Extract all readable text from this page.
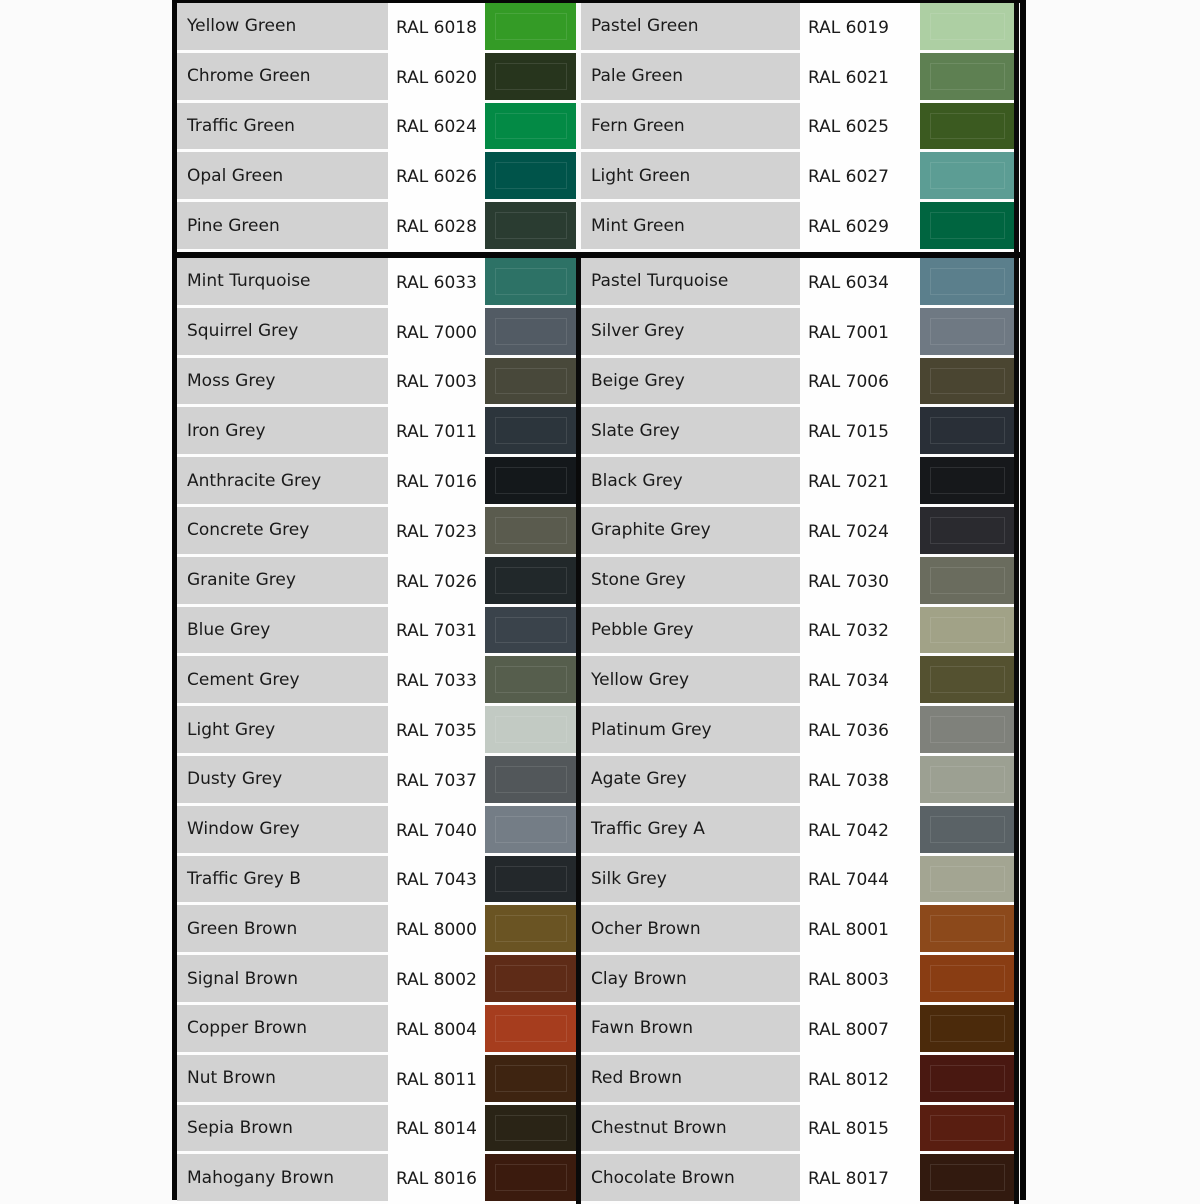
Yellow Green	RAL 6018	Pastel Green	RAL 6019
Chrome Green	RAL 6020	Pale Green	RAL 6021
Traffic Green	RAL 6024	Fern Green	RAL 6025
Opal Green	RAL 6026	Light Green	RAL 6027
Pine Green	RAL 6028	Mint Green	RAL 6029
Mint Turquoise	RAL 6033	Pastel Turquoise	RAL 6034
Squirrel Grey	RAL 7000	Silver Grey	RAL 7001
Moss Grey	RAL 7003	Beige Grey	RAL 7006
Iron Grey	RAL 7011	Slate Grey	RAL 7015
Anthracite Grey	RAL 7016	Black Grey	RAL 7021
Concrete Grey	RAL 7023	Graphite Grey	RAL 7024
Granite Grey	RAL 7026	Stone Grey	RAL 7030
Blue Grey	RAL 7031	Pebble Grey	RAL 7032
Cement Grey	RAL 7033	Yellow Grey	RAL 7034
Light Grey	RAL 7035	Platinum Grey	RAL 7036
Dusty Grey	RAL 7037	Agate Grey	RAL 7038
Window Grey	RAL 7040	Traffic Grey A	RAL 7042
Traffic Grey B	RAL 7043	Silk Grey	RAL 7044
Green Brown	RAL 8000	Ocher Brown	RAL 8001
Signal Brown	RAL 8002	Clay Brown	RAL 8003
Copper Brown	RAL 8004	Fawn Brown	RAL 8007
Nut Brown	RAL 8011	Red Brown	RAL 8012
Sepia Brown	RAL 8014	Chestnut Brown	RAL 8015
Mahogany Brown	RAL 8016	Chocolate Brown	RAL 8017
